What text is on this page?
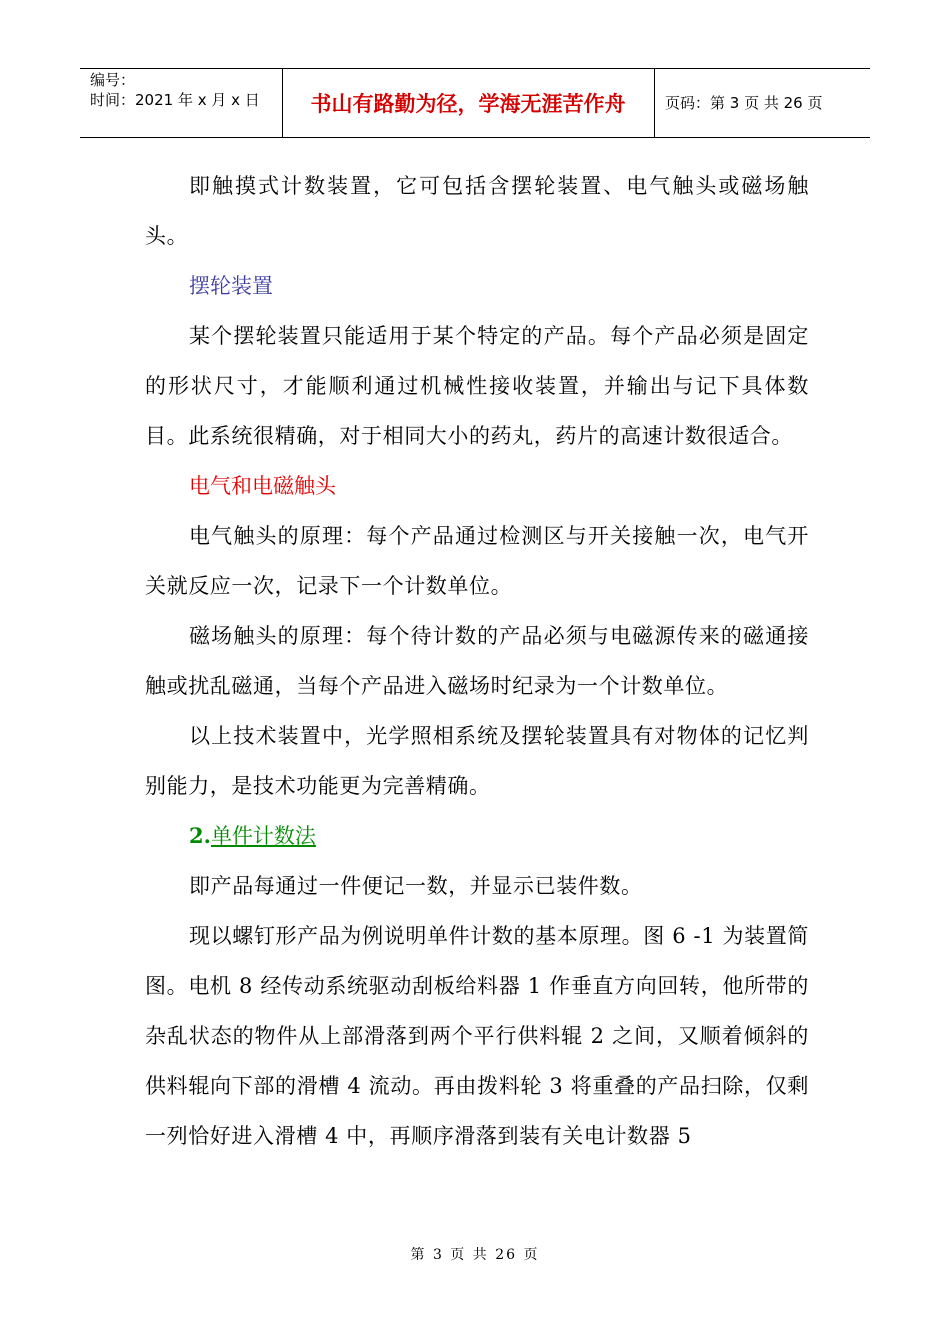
编号：
时间：2021 年 x 月 x 日	书山有路勤为径，学海无涯苦作舟	页码：第 3 页 共 26 页

即触摸式计数装置，它可包括含摆轮装置、电气触头或磁场触头。

摆轮装置

某个摆轮装置只能适用于某个特定的产品。每个产品必须是固定的形状尺寸，才能顺利通过机械性接收装置，并输出与记下具体数目。此系统很精确，对于相同大小的药丸，药片的高速计数很适合。

电气和电磁触头

电气触头的原理：每个产品通过检测区与开关接触一次，电气开关就反应一次，记录下一个计数单位。

磁场触头的原理：每个待计数的产品必须与电磁源传来的磁通接触或扰乱磁通，当每个产品进入磁场时纪录为一个计数单位。

以上技术装置中，光学照相系统及摆轮装置具有对物体的记忆判别能力，是技术功能更为完善精确。

2.单件计数法

即产品每通过一件便记一数，并显示已装件数。

现以螺钉形产品为例说明单件计数的基本原理。图 6 -1 为装置简图。电机 8 经传动系统驱动刮板给料器 1 作垂直方向回转，他所带的杂乱状态的物件从上部滑落到两个平行供料辊 2 之间，又顺着倾斜的供料辊向下部的滑槽 4 流动。再由拨料轮 3 将重叠的产品扫除，仅剩一列恰好进入滑槽 4 中，再顺序滑落到装有关电计数器 5

第 3 页 共 26 页
